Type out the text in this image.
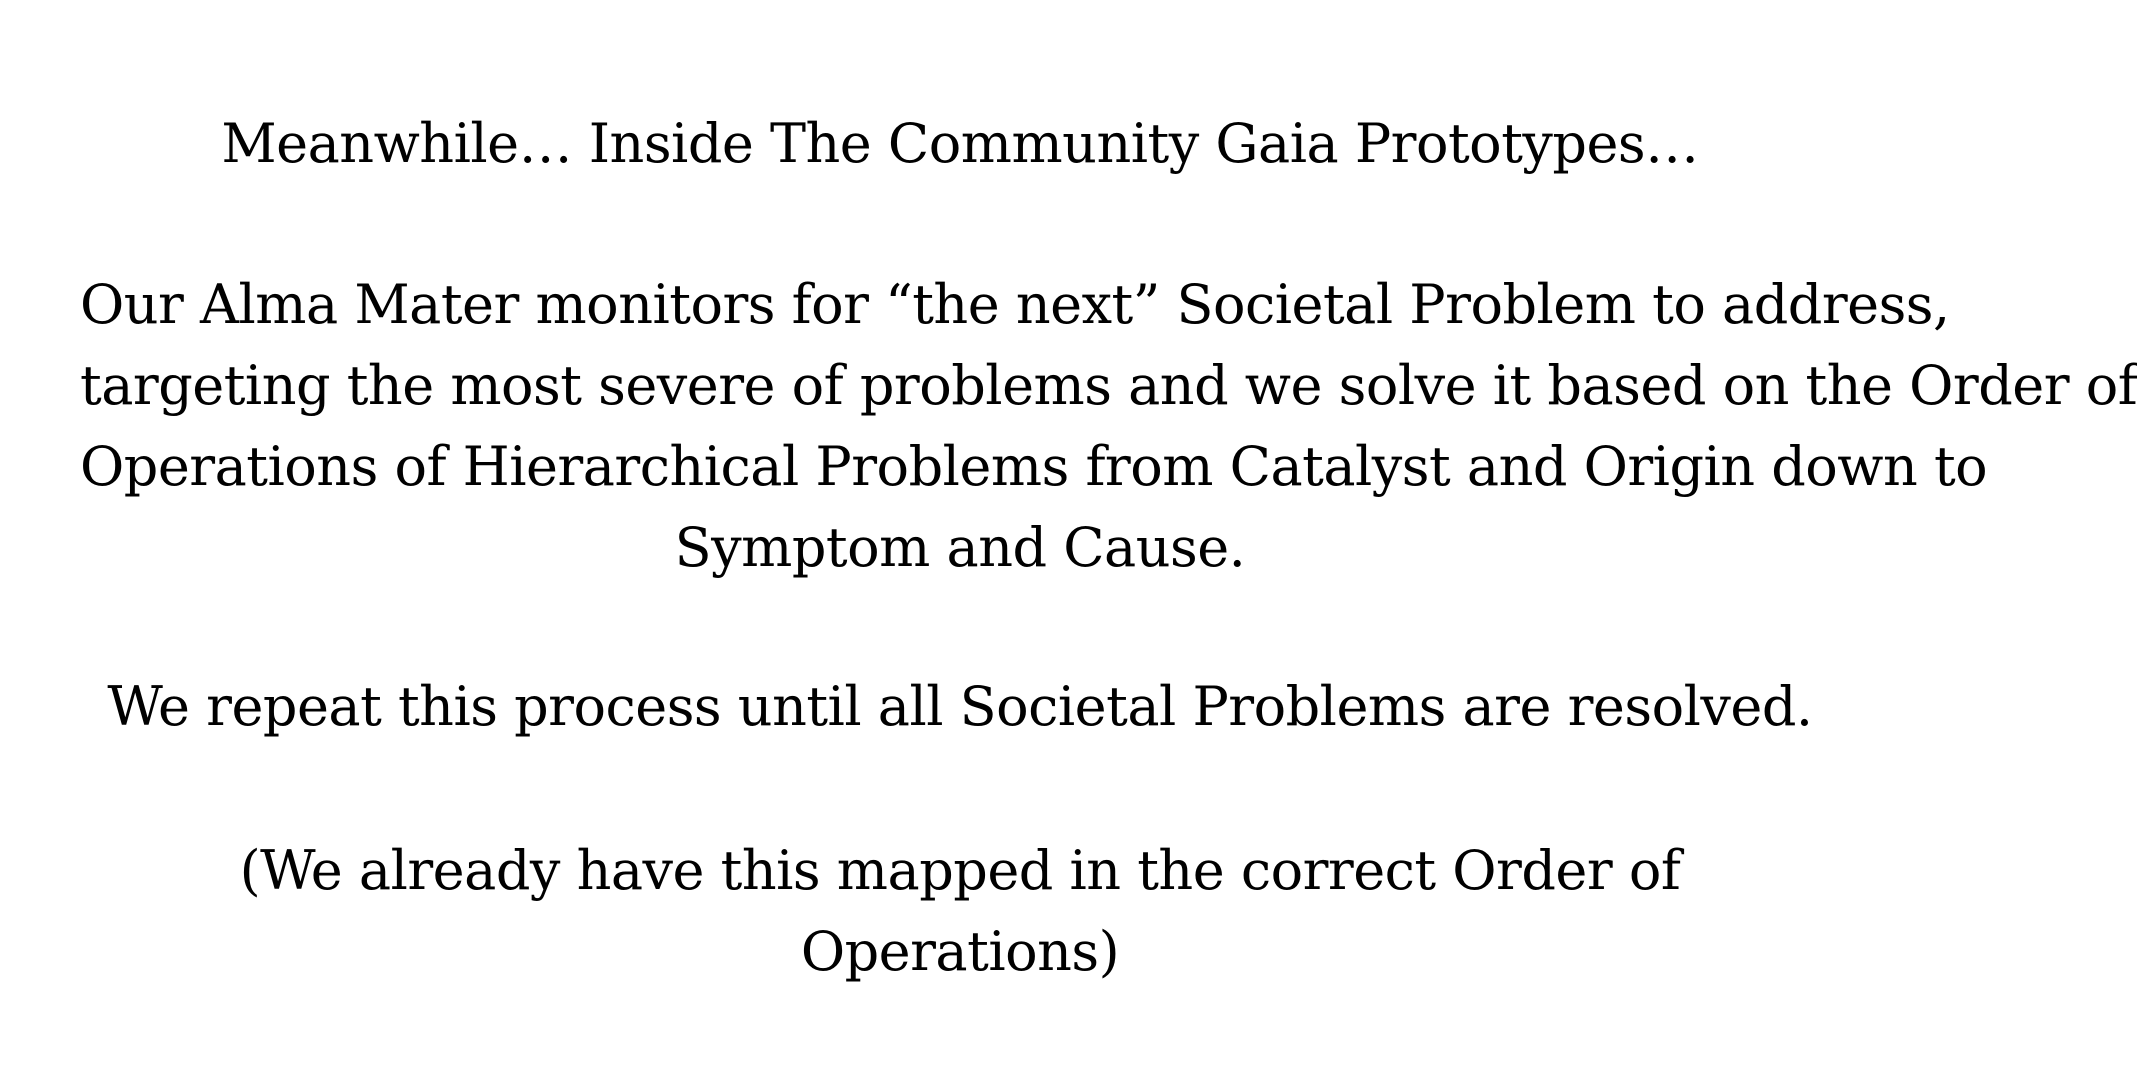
Meanwhile… Inside The Community Gaia Prototypes…

Our Alma Mater monitors for “the next” Societal Problem to address,
targeting the most severe of problems and we solve it based on the Order of
Operations of Hierarchical Problems from Catalyst and Origin down to
Symptom and Cause.

We repeat this process until all Societal Problems are resolved.

(We already have this mapped in the correct Order of Operations)
